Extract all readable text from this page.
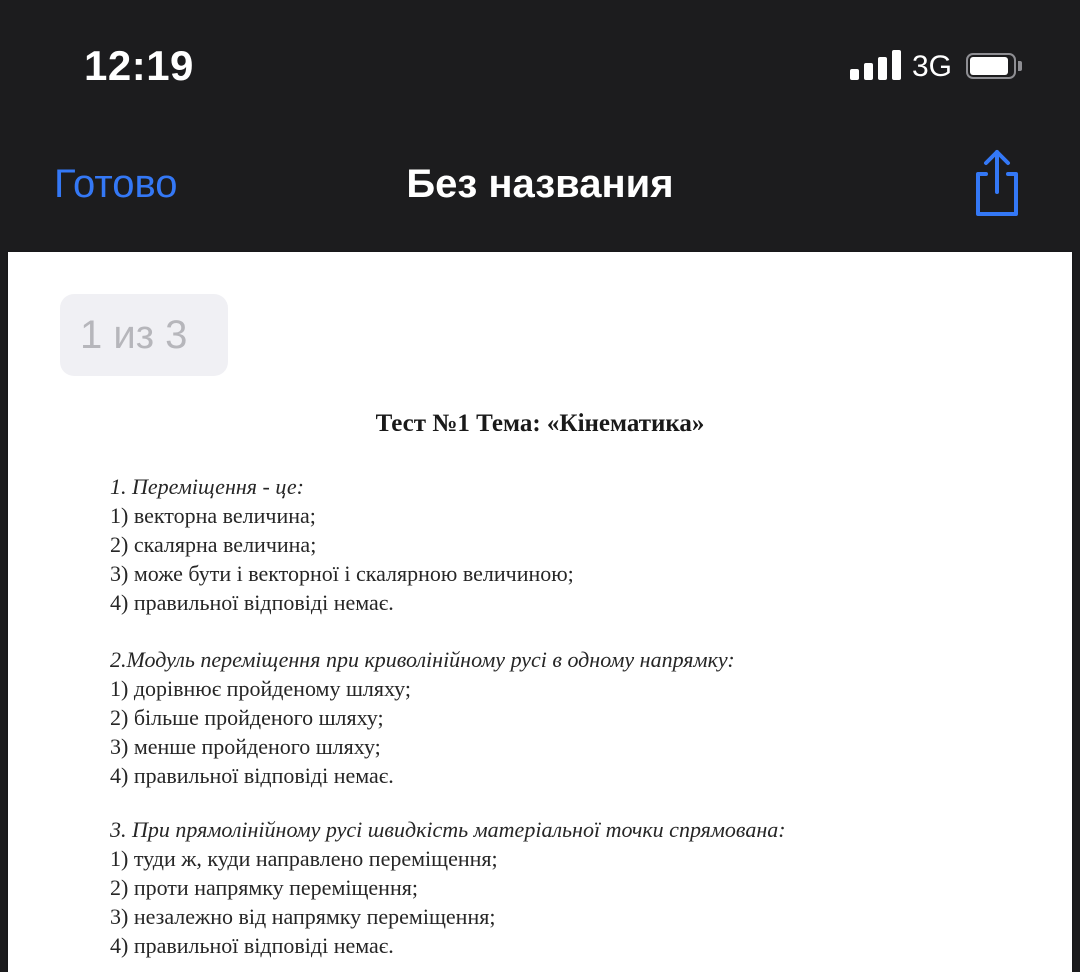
12:19	3G
Без названия
Готово
1 из 3
Тест №1 Тема: «Кінематика»
1. Переміщення - це:
1) векторна величина;
2) скалярна величина;
3) може бути і векторної і скалярною величиною;
4) правильної відповіді немає.
2.Модуль переміщення при криволінійному русі в одному напрямку:
1) дорівнює пройденому шляху;
2) більше пройденого шляху;
3) менше пройденого шляху;
4) правильної відповіді немає.
3. При прямолінійному русі швидкість матеріальної точки спрямована:
1) туди ж, куди направлено переміщення;
2) проти напрямку переміщення;
3) незалежно від напрямку переміщення;
4) правильної відповіді немає.
